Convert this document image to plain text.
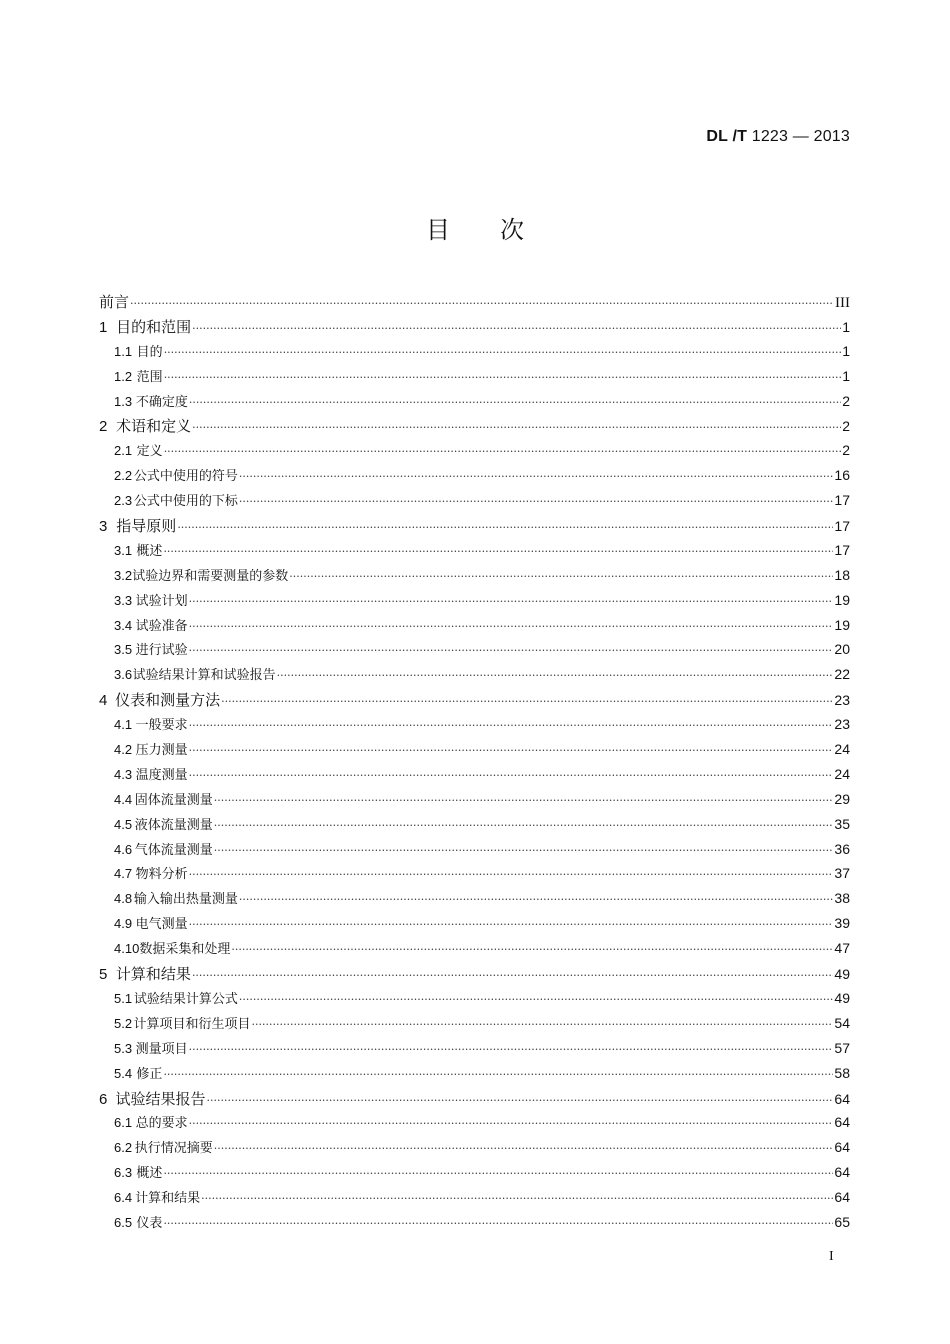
DL /T 1223 — 2013
目次
前言 ·····	III
1 目的和范围 ·····	1
1.1 目的 ·····	1
1.2 范围 ·····	1
1.3 不确定度 ·····	2
2 术语和定义 ·····	2
2.1 定义 ·····	2
2.2 公式中使用的符号 ·····	16
2.3 公式中使用的下标 ·····	17
3 指导原则 ·····	17
3.1 概述 ·····	17
3.2 试验边界和需要测量的参数 ·····	18
3.3 试验计划 ·····	19
3.4 试验准备 ·····	19
3.5 进行试验 ·····	20
3.6 试验结果计算和试验报告 ·····	22
4 仪表和测量方法 ·····	23
4.1 一般要求 ·····	23
4.2 压力测量 ·····	24
4.3 温度测量 ·····	24
4.4 固体流量测量 ·····	29
4.5 液体流量测量 ·····	35
4.6 气体流量测量 ·····	36
4.7 物料分析 ·····	37
4.8 输入输出热量测量 ·····	38
4.9 电气测量 ·····	39
4.10 数据采集和处理 ·····	47
5 计算和结果 ·····	49
5.1 试验结果计算公式 ·····	49
5.2 计算项目和衍生项目 ·····	54
5.3 测量项目 ·····	57
5.4 修正 ·····	58
6 试验结果报告 ·····	64
6.1 总的要求 ·····	64
6.2 执行情况摘要 ·····	64
6.3 概述 ·····	64
6.4 计算和结果 ·····	64
6.5 仪表 ·····	65
I
